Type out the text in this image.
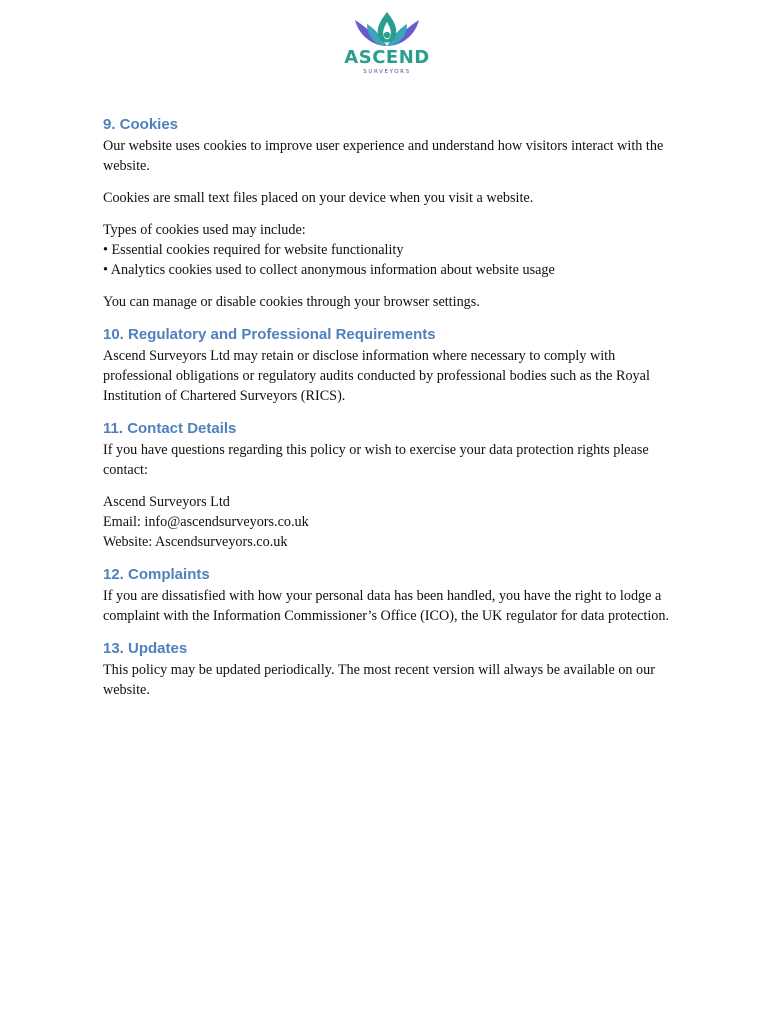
ASCEND
SURVEYORS
9. Cookies

Our website uses cookies to improve user experience and understand how visitors interact with the website.

Cookies are small text files placed on your device when you visit a website.

Types of cookies used may include:
• Essential cookies required for website functionality
• Analytics cookies used to collect anonymous information about website usage

You can manage or disable cookies through your browser settings.

10. Regulatory and Professional Requirements

Ascend Surveyors Ltd may retain or disclose information where necessary to comply with professional obligations or regulatory audits conducted by professional bodies such as the Royal Institution of Chartered Surveyors (RICS).

11. Contact Details

If you have questions regarding this policy or wish to exercise your data protection rights please contact:

Ascend Surveyors Ltd
Email: info@ascendsurveyors.co.uk
Website: Ascendsurveyors.co.uk
12. Complaints

If you are dissatisfied with how your personal data has been handled, you have the right to lodge a complaint with the Information Commissioner’s Office (ICO), the UK regulator for data protection.

13. Updates

This policy may be updated periodically. The most recent version will always be available on our website.
